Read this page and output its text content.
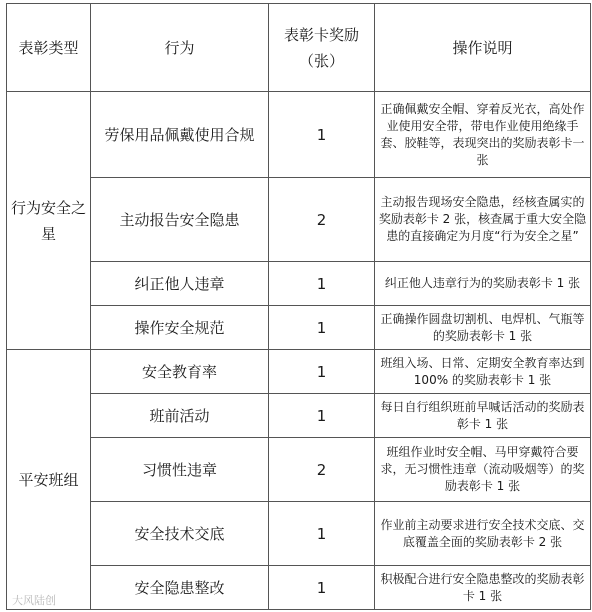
表彰类型	行为	表彰卡奖励（张）	操作说明
行为安全之星	劳保用品佩戴使用合规	1	正确佩戴安全帽、穿着反光衣，高处作业使用安全带，带电作业使用绝缘手套、胶鞋等，表现突出的奖励表彰卡一张
	主动报告安全隐患	2	主动报告现场安全隐患，经核查属实的奖励表彰卡 2 张，核查属于重大安全隐患的直接确定为月度“行为安全之星”
	纠正他人违章	1	纠正他人违章行为的奖励表彰卡 1 张
	操作安全规范	1	正确操作圆盘切割机、电焊机、气瓶等的奖励表彰卡 1 张
平安班组	安全教育率	1	班组入场、日常、定期安全教育率达到 100% 的奖励表彰卡 1 张
	班前活动	1	每日自行组织班前早喊话活动的奖励表彰卡 1 张
	习惯性违章	2	班组作业时安全帽、马甲穿戴符合要求，无习惯性违章（流动吸烟等）的奖励表彰卡 1 张
	安全技术交底	1	作业前主动要求进行安全技术交底、交底覆盖全面的奖励表彰卡 2 张
	安全隐患整改	1	积极配合进行安全隐患整改的奖励表彰卡 1 张
大风陆创
